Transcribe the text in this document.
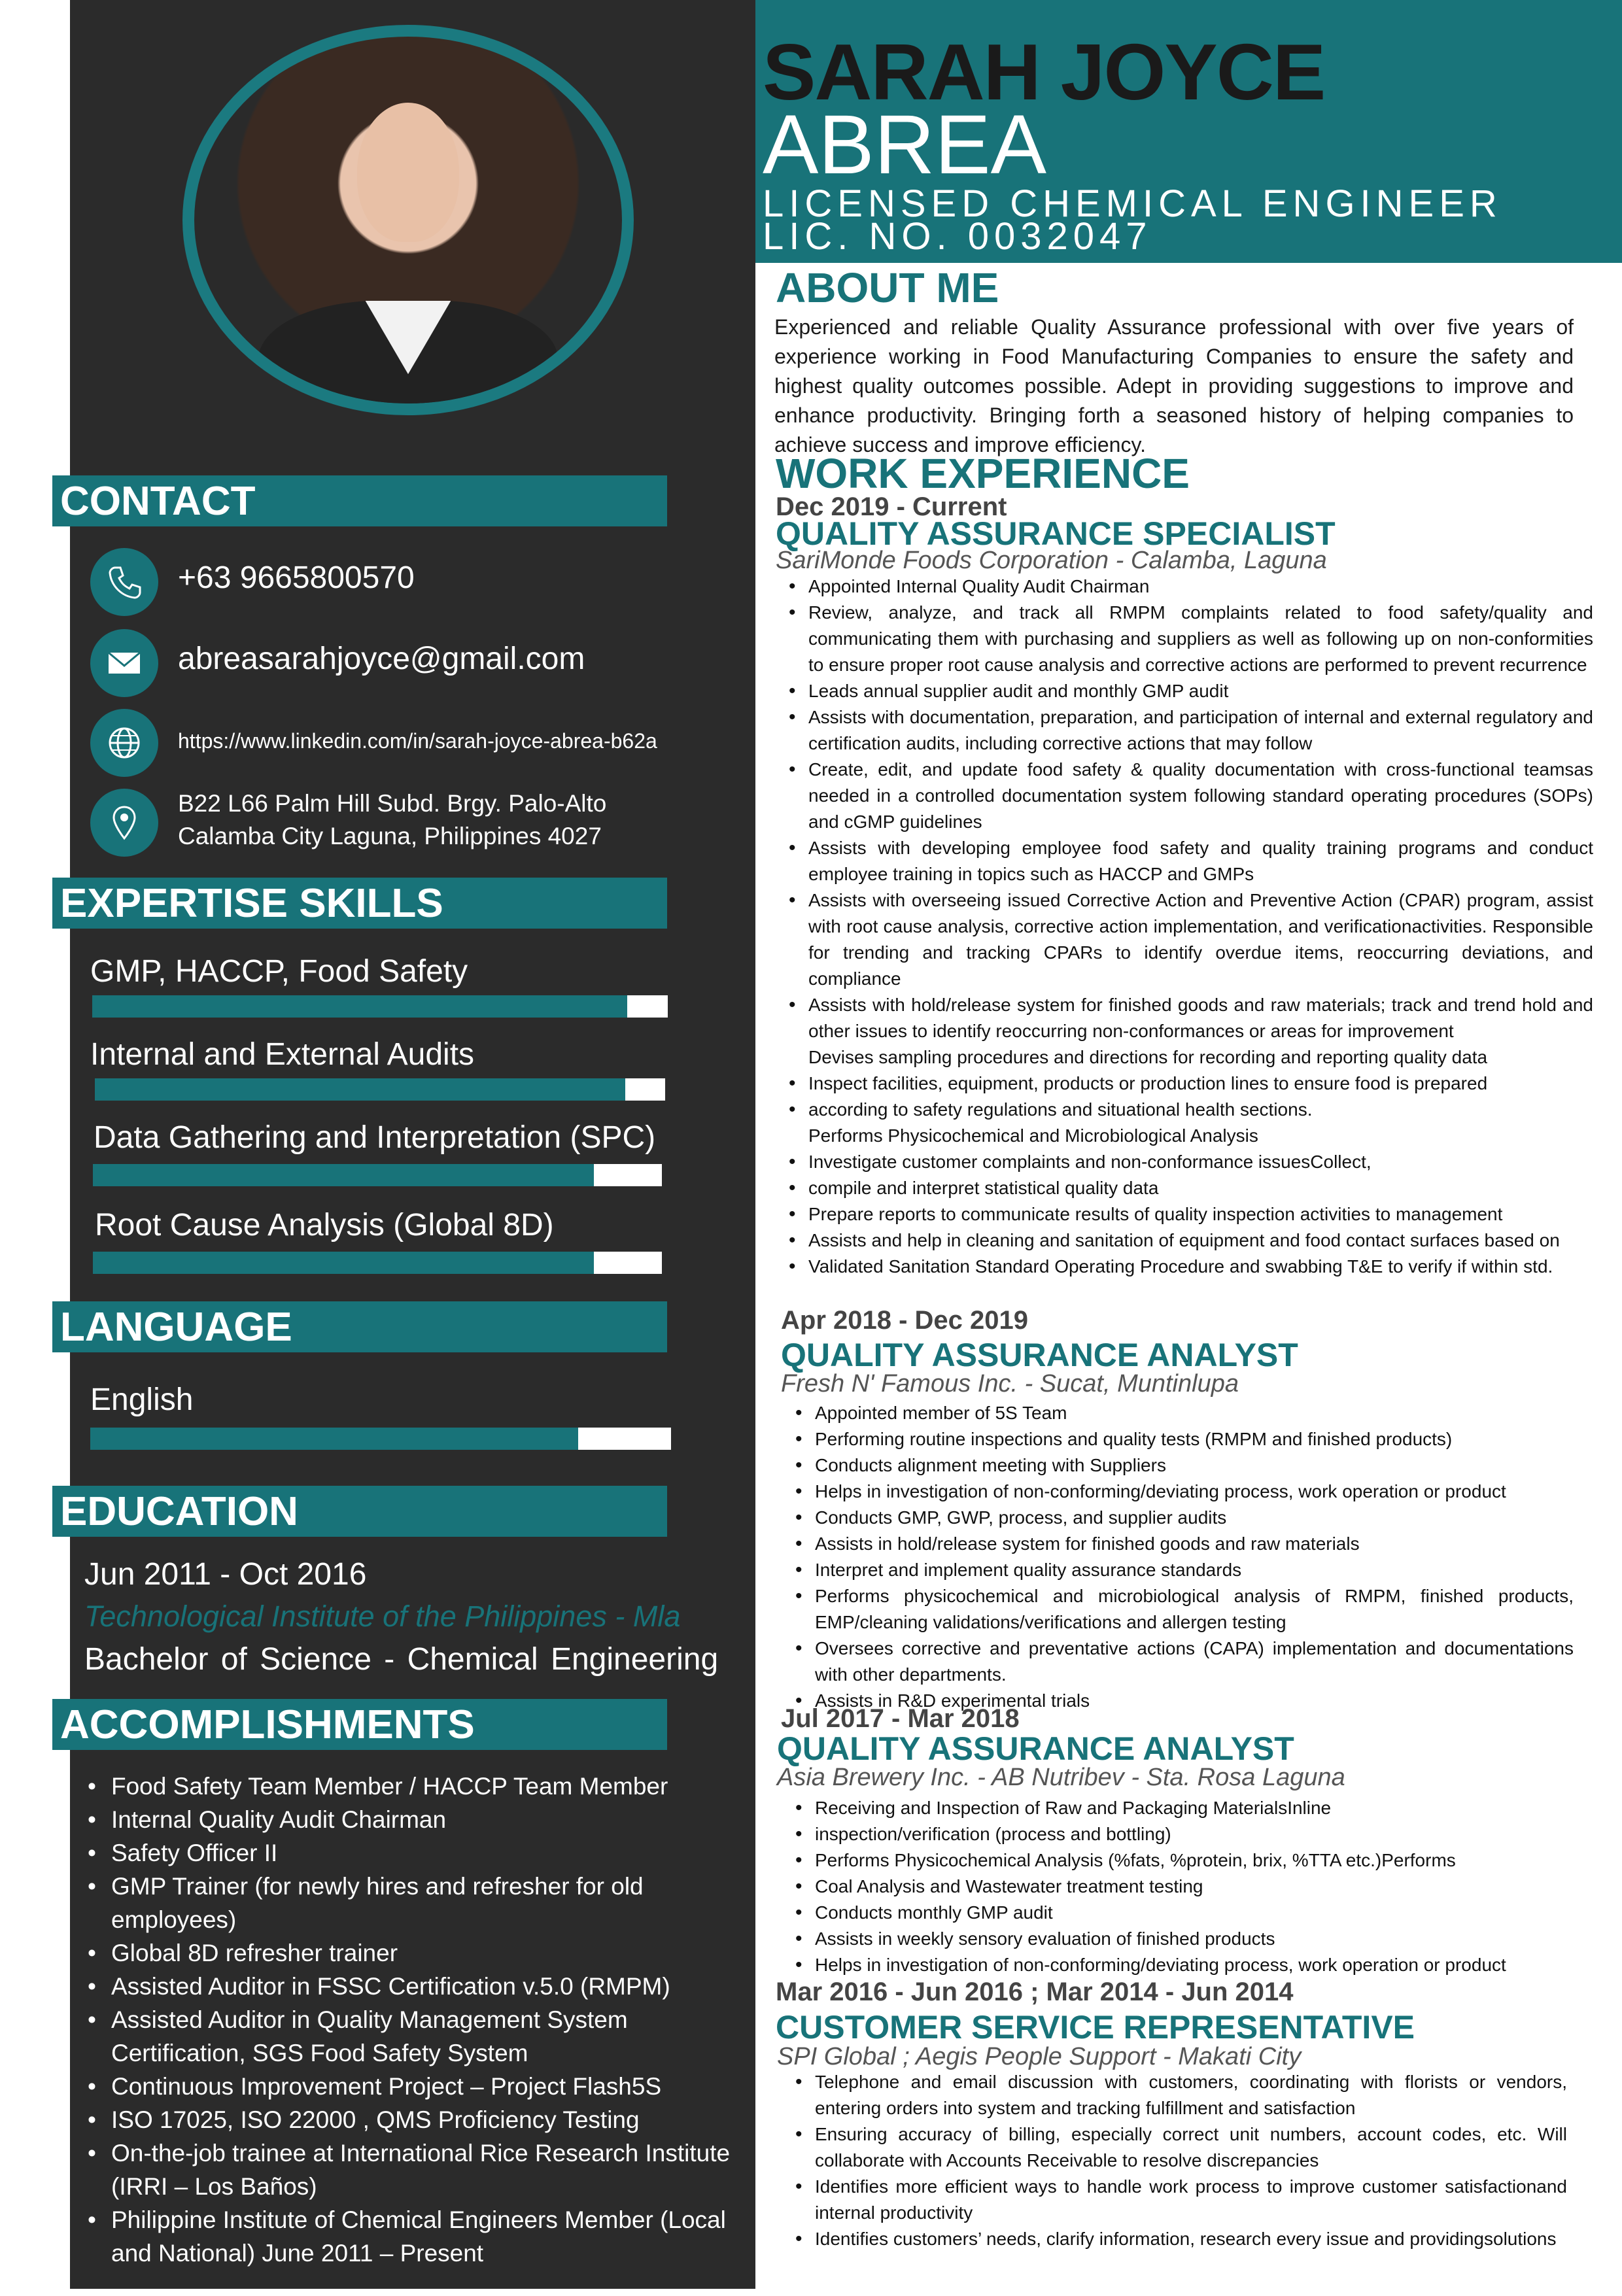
CONTACT
+63 9665800570
abreasarahjoyce@gmail.com
https://www.linkedin.com/in/sarah-joyce-abrea-b62a
B22 L66 Palm Hill Subd. Brgy. Palo-Alto
Calamba City Laguna, Philippines 4027
EXPERTISE SKILLS
GMP, HACCP, Food Safety
Internal and External Audits
Data Gathering and Interpretation (SPC)
Root Cause Analysis (Global 8D)
LANGUAGE
English
EDUCATION
Jun 2011 - Oct 2016
Technological Institute of the Philippines - Mla
Bachelor of Science - Chemical Engineering
ACCOMPLISHMENTS
• Food Safety Team Member / HACCP Team Member
• Internal Quality Audit Chairman
• Safety Officer II
• GMP Trainer (for newly hires and refresher for old employees)
• Global 8D refresher trainer
• Assisted Auditor in FSSC Certification v.5.0 (RMPM)
• Assisted Auditor in Quality Management System Certification, SGS Food Safety System
• Continuous Improvement Project – Project Flash5S
• ISO 17025, ISO 22000 , QMS Proficiency Testing
• On-the-job trainee at International Rice Research Institute (IRRI – Los Baños)
• Philippine Institute of Chemical Engineers Member (Local and National) June 2011 – Present
SARAH JOYCE
ABREA
LICENSED CHEMICAL ENGINEER
LIC. NO. 0032047
ABOUT ME

Experienced and reliable Quality Assurance professional with over five years of experience working in Food Manufacturing Companies to ensure the safety and highest quality outcomes possible. Adept in providing suggestions to improve and enhance productivity. Bringing forth a seasoned history of helping companies to achieve success and improve efficiency.

WORK EXPERIENCE
Dec 2019 - Current
QUALITY ASSURANCE SPECIALIST
SariMonde Foods Corporation - Calamba, Laguna
• Appointed Internal Quality Audit Chairman
• Review, analyze, and track all RMPM complaints related to food safety/quality and communicating them with purchasing and suppliers as well as following up on non-conformities to ensure proper root cause analysis and corrective actions are performed to prevent recurrence
• Leads annual supplier audit and monthly GMP audit
• Assists with documentation, preparation, and participation of internal and external regulatory and certification audits, including corrective actions that may follow
• Create, edit, and update food safety & quality documentation with cross-functional teamsas needed in a controlled documentation system following standard operating procedures (SOPs) and cGMP guidelines
• Assists with developing employee food safety and quality training programs and conduct employee training in topics such as HACCP and GMPs
• Assists with overseeing issued Corrective Action and Preventive Action (CPAR) program, assist with root cause analysis, corrective action implementation, and verificationactivities. Responsible for trending and tracking CPARs to identify overdue items, reoccurring deviations, and compliance
• Assists with hold/release system for finished goods and raw materials; track and trend hold and other issues to identify reoccurring non-conformances or areas for improvement
Devises sampling procedures and directions for recording and reporting quality data
• Inspect facilities, equipment, products or production lines to ensure food is prepared
• according to safety regulations and situational health sections.
Performs Physicochemical and Microbiological Analysis
• Investigate customer complaints and non-conformance issuesCollect,
• compile and interpret statistical quality data
• Prepare reports to communicate results of quality inspection activities to management
• Assists and help in cleaning and sanitation of equipment and food contact surfaces based on
• Validated Sanitation Standard Operating Procedure and swabbing T&E to verify if within std.
Apr 2018 - Dec 2019
QUALITY ASSURANCE ANALYST
Fresh N' Famous Inc. - Sucat, Muntinlupa
• Appointed member of 5S Team
• Performing routine inspections and quality tests (RMPM and finished products)
• Conducts alignment meeting with Suppliers
• Helps in investigation of non-conforming/deviating process, work operation or product
• Conducts GMP, GWP, process, and supplier audits
• Assists in hold/release system for finished goods and raw materials
• Interpret and implement quality assurance standards
• Performs physicochemical and microbiological analysis of RMPM, finished products, EMP/cleaning validations/verifications and allergen testing
• Oversees corrective and preventative actions (CAPA) implementation and documentations with other departments.
• Assists in R&D experimental trials
Jul 2017 - Mar 2018
QUALITY ASSURANCE ANALYST
Asia Brewery Inc. - AB Nutribev - Sta. Rosa Laguna
• Receiving and Inspection of Raw and Packaging MaterialsInline
• inspection/verification (process and bottling)
• Performs Physicochemical Analysis (%fats, %protein, brix, %TTA etc.)Performs
• Coal Analysis and Wastewater treatment testing
• Conducts monthly GMP audit
• Assists in weekly sensory evaluation of finished products
• Helps in investigation of non-conforming/deviating process, work operation or product
Mar 2016 - Jun 2016 ; Mar 2014 - Jun 2014
CUSTOMER SERVICE REPRESENTATIVE
SPI Global ; Aegis People Support - Makati City
• Telephone and email discussion with customers, coordinating with florists or vendors, entering orders into system and tracking fulfillment and satisfaction
• Ensuring accuracy of billing, especially correct unit numbers, account codes, etc. Will collaborate with Accounts Receivable to resolve discrepancies
• Identifies more efficient ways to handle work process to improve customer satisfactionand internal productivity
• Identifies customers’ needs, clarify information, research every issue and providingsolutions
